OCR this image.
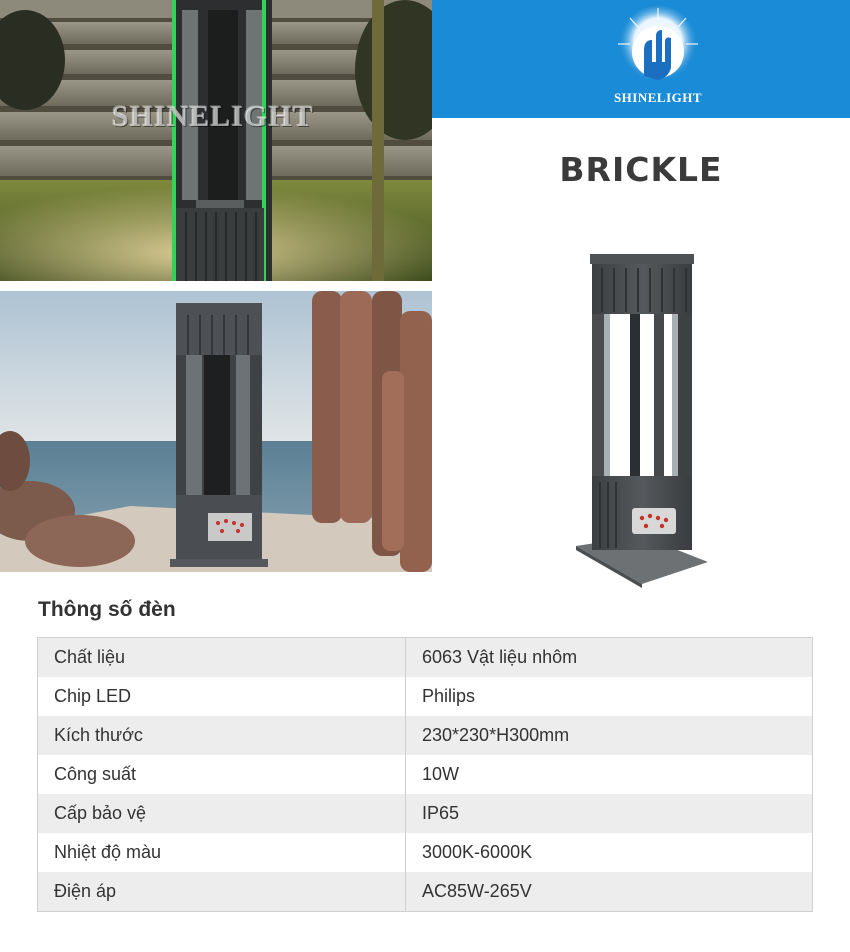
SHINELIGHT
SHINELIGHT
BRICKLE
Thông số đèn
Chất liệu	6063 Vật liệu nhôm
Chip LED	Philips
Kích thước	230*230*H300mm
Công suất	10W
Cấp bảo vệ	IP65
Nhiệt độ màu	3000K-6000K
Điện áp	AC85W-265V
